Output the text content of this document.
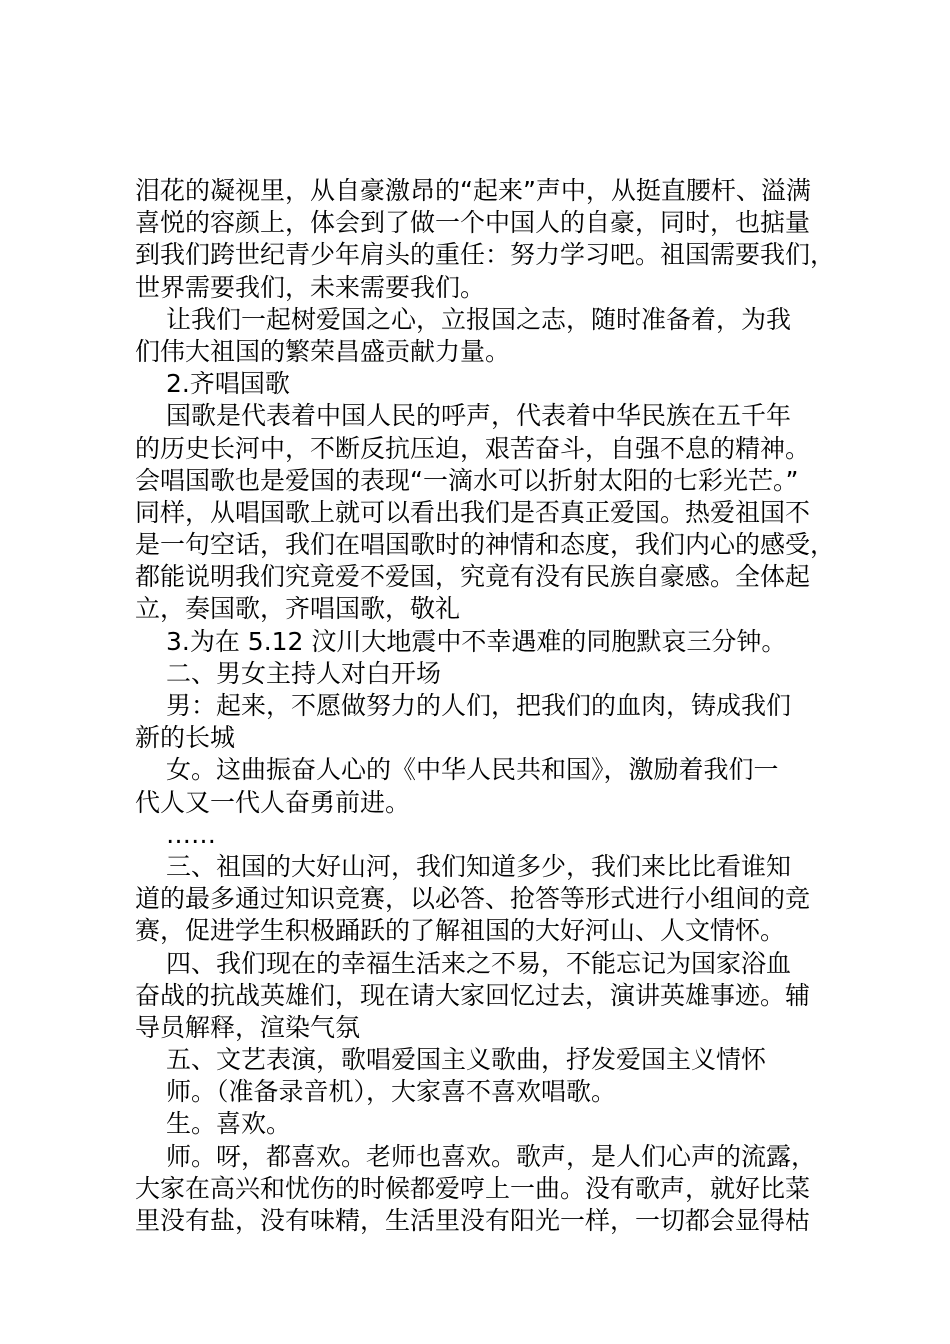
泪花的凝视里，从自豪激昂的“起来”声中，从挺直腰杆、溢满
喜悦的容颜上，体会到了做一个中国人的自豪，同时，也掂量
到我们跨世纪青少年肩头的重任：努力学习吧。祖国需要我们，
世界需要我们，未来需要我们。
让我们一起树爱国之心，立报国之志，随时准备着，为我
们伟大祖国的繁荣昌盛贡献力量。
2.齐唱国歌
国歌是代表着中国人民的呼声，代表着中华民族在五千年
的历史长河中，不断反抗压迫，艰苦奋斗，自强不息的精神。
会唱国歌也是爱国的表现“一滴水可以折射太阳的七彩光芒。”
同样，从唱国歌上就可以看出我们是否真正爱国。热爱祖国不
是一句空话，我们在唱国歌时的神情和态度，我们内心的感受，
都能说明我们究竟爱不爱国，究竟有没有民族自豪感。全体起
立，奏国歌，齐唱国歌，敬礼
3.为在 5.12 汶川大地震中不幸遇难的同胞默哀三分钟。
二、男女主持人对白开场
男：起来，不愿做努力的人们，把我们的血肉，铸成我们
新的长城
女。这曲振奋人心的《中华人民共和国》，激励着我们一
代人又一代人奋勇前进。
……
三、祖国的大好山河，我们知道多少，我们来比比看谁知
道的最多通过知识竞赛，以必答、抢答等形式进行小组间的竞
赛，促进学生积极踊跃的了解祖国的大好河山、人文情怀。
四、我们现在的幸福生活来之不易，不能忘记为国家浴血
奋战的抗战英雄们，现在请大家回忆过去，演讲英雄事迹。辅
导员解释，渲染气氛
五、文艺表演，歌唱爱国主义歌曲，抒发爱国主义情怀
师。（准备录音机），大家喜不喜欢唱歌。
生。喜欢。
师。呀，都喜欢。老师也喜欢。歌声，是人们心声的流露，
大家在高兴和忧伤的时候都爱哼上一曲。没有歌声，就好比菜
里没有盐，没有味精，生活里没有阳光一样，一切都会显得枯
